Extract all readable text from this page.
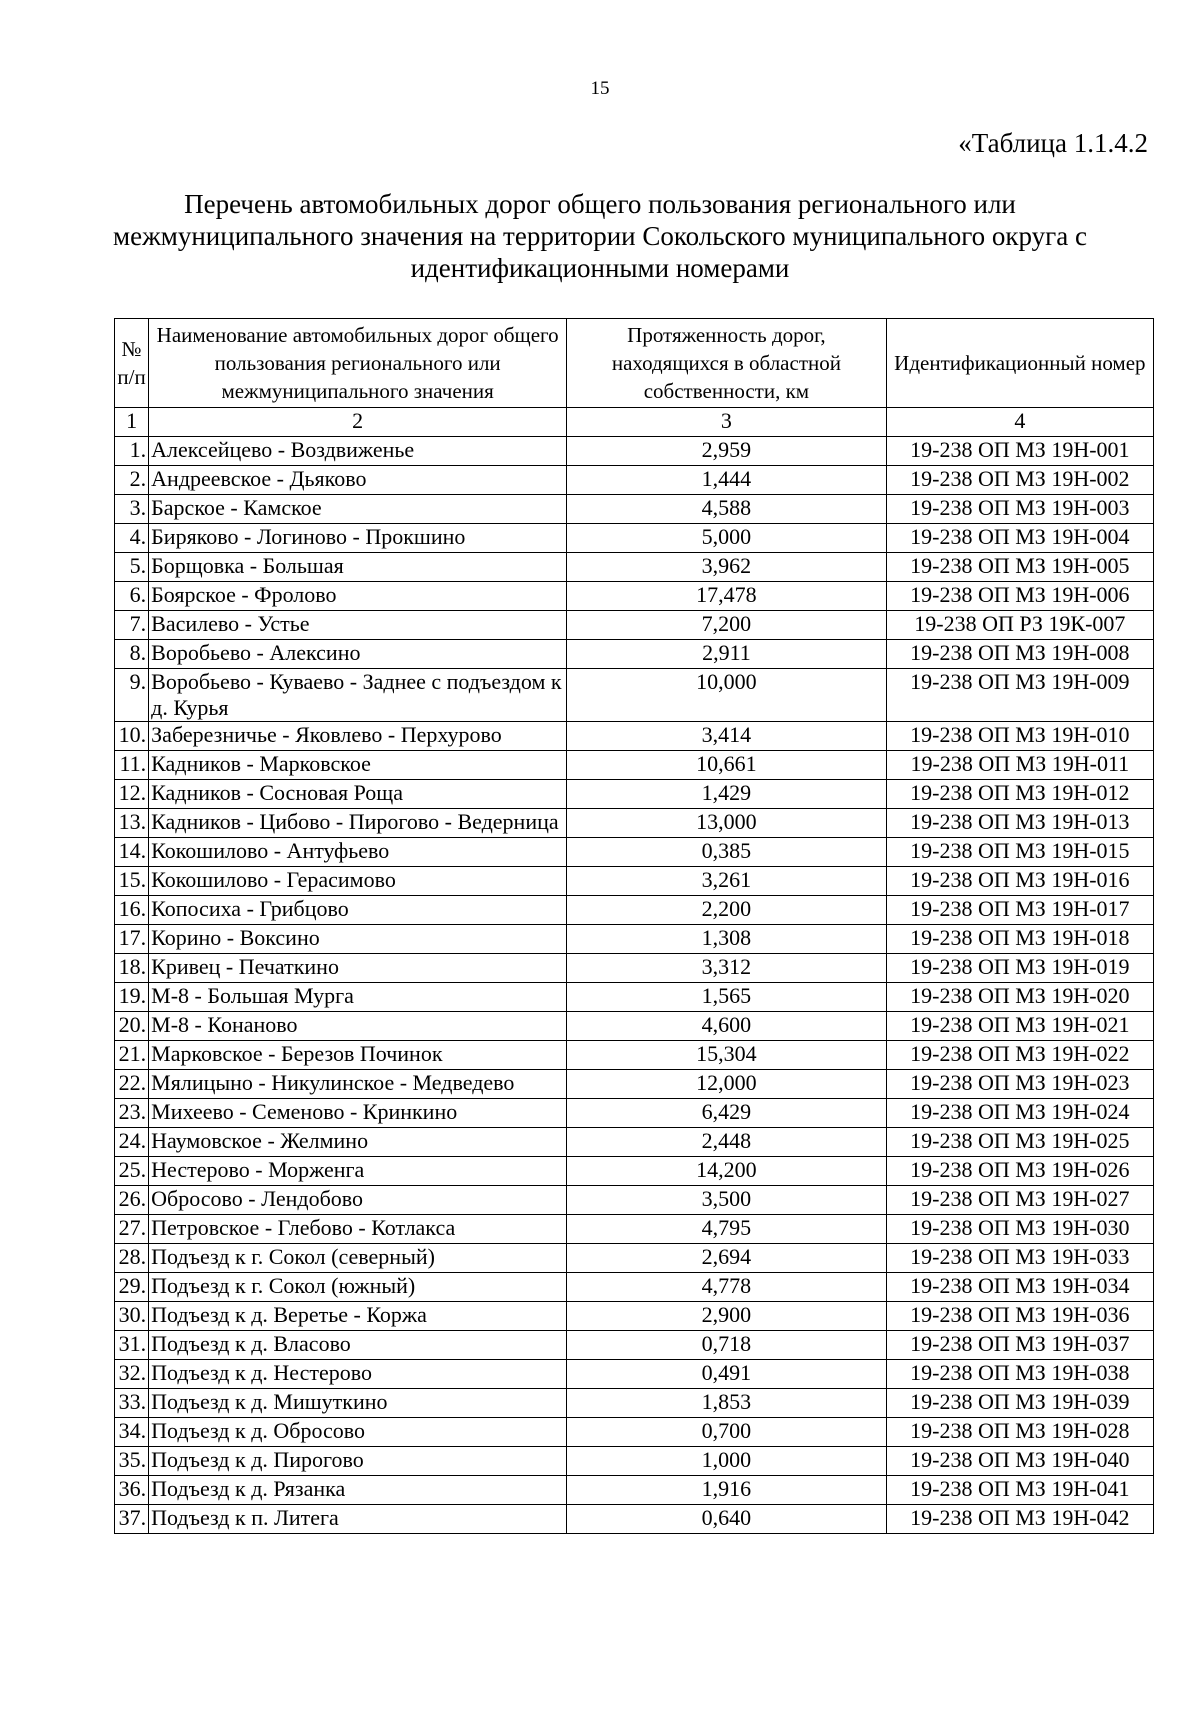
15
«Таблица 1.1.4.2
Перечень автомобильных дорог общего пользования регионального или межмуниципального значения на территории Сокольского муниципального округа с идентификационными номерами
№ п/п	Наименование автомобильных дорог общего пользования регионального или межмуниципального значения	Протяженность дорог, находящихся в областной собственности, км	Идентификационный номер
1	2	3	4
1.	Алексейцево - Воздвиженье	2,959	19-238 ОП МЗ 19Н-001
2.	Андреевское - Дьяково	1,444	19-238 ОП МЗ 19Н-002
3.	Барское - Камское	4,588	19-238 ОП МЗ 19Н-003
4.	Биряково - Логиново - Прокшино	5,000	19-238 ОП МЗ 19Н-004
5.	Борщовка - Большая	3,962	19-238 ОП МЗ 19Н-005
6.	Боярское - Фролово	17,478	19-238 ОП МЗ 19Н-006
7.	Василево - Устье	7,200	19-238 ОП РЗ 19К-007
8.	Воробьево - Алексино	2,911	19-238 ОП МЗ 19Н-008
9.	Воробьево - Куваево - Заднее с подъездом к д. Курья	10,000	19-238 ОП МЗ 19Н-009
10.	Заберезничье - Яковлево - Перхурово	3,414	19-238 ОП МЗ 19Н-010
11.	Кадников - Марковское	10,661	19-238 ОП МЗ 19Н-011
12.	Кадников - Сосновая Роща	1,429	19-238 ОП МЗ 19Н-012
13.	Кадников - Цибово - Пирогово - Ведерница	13,000	19-238 ОП МЗ 19Н-013
14.	Кокошилово - Антуфьево	0,385	19-238 ОП МЗ 19Н-015
15.	Кокошилово - Герасимово	3,261	19-238 ОП МЗ 19Н-016
16.	Копосиха - Грибцово	2,200	19-238 ОП МЗ 19Н-017
17.	Корино - Воксино	1,308	19-238 ОП МЗ 19Н-018
18.	Кривец - Печаткино	3,312	19-238 ОП МЗ 19Н-019
19.	М-8 - Большая Мурга	1,565	19-238 ОП МЗ 19Н-020
20.	М-8 - Конаново	4,600	19-238 ОП МЗ 19Н-021
21.	Марковское - Березов Починок	15,304	19-238 ОП МЗ 19Н-022
22.	Мялицыно - Никулинское - Медведево	12,000	19-238 ОП МЗ 19Н-023
23.	Михеево - Семеново - Кринкино	6,429	19-238 ОП МЗ 19Н-024
24.	Наумовское - Желмино	2,448	19-238 ОП МЗ 19Н-025
25.	Нестерово - Морженга	14,200	19-238 ОП МЗ 19Н-026
26.	Обросово - Лендобово	3,500	19-238 ОП МЗ 19Н-027
27.	Петровское - Глебово - Котлакса	4,795	19-238 ОП МЗ 19Н-030
28.	Подъезд к г. Сокол (северный)	2,694	19-238 ОП МЗ 19Н-033
29.	Подъезд к г. Сокол (южный)	4,778	19-238 ОП МЗ 19Н-034
30.	Подъезд к д. Веретье - Коржа	2,900	19-238 ОП МЗ 19Н-036
31.	Подъезд к д. Власово	0,718	19-238 ОП МЗ 19Н-037
32.	Подъезд к д. Нестерово	0,491	19-238 ОП МЗ 19Н-038
33.	Подъезд к д. Мишуткино	1,853	19-238 ОП МЗ 19Н-039
34.	Подъезд к д. Обросово	0,700	19-238 ОП МЗ 19Н-028
35.	Подъезд к д. Пирогово	1,000	19-238 ОП МЗ 19Н-040
36.	Подъезд к д. Рязанка	1,916	19-238 ОП МЗ 19Н-041
37.	Подъезд к п. Литега	0,640	19-238 ОП МЗ 19Н-042
